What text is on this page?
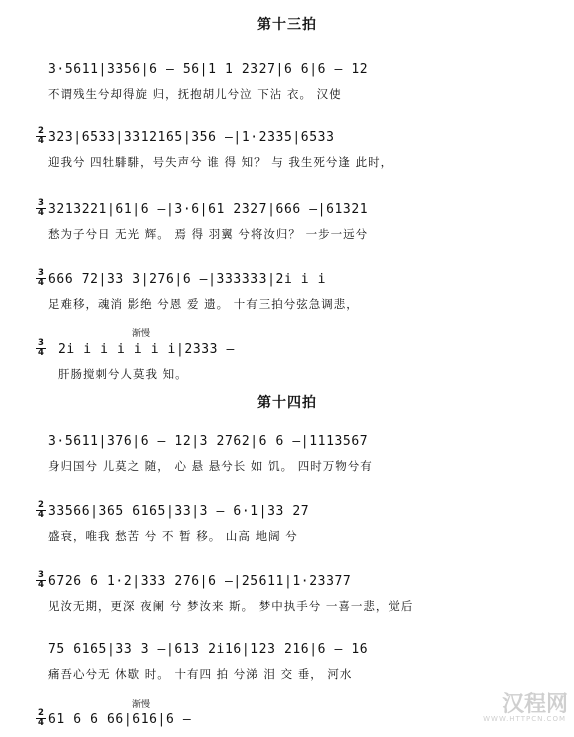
第十三拍
3·5611|3356|6 — 56|1 1 2327|6 6|6 — 12
不谓残生兮却得旋 归，抚抱胡儿兮泣 下沾 衣。 汉使
$\frac{2}{4} 323|6533|3312165|356$ —|1·2335|6533
迎我兮 四牡騑騑，号失声兮 谁 得 知？ 与 我生死兮逢 此时，
$\frac{3}{4} 3213221|61|6$ —|3·6|61 2327|666 —|61321
愁为子兮日 无光 辉。 焉 得 羽翼 兮将汝归？ 一步一远兮
$\frac{3}{4} 666$ 72|33 3|276|6 —|333333|2i i i
足难移，魂消 影绝 兮恩 爱 遗。 十有三拍兮弦急调悲，
渐慢
$\frac{3}{4} 2i$ i i i i i i|2333 —
肝肠搅刺兮人莫我 知。
第十四拍
3·5611|376|6 — 12|3 2762|6 6 —|1113567
身归国兮 儿莫之 随， 心 悬 悬兮长 如 饥。 四时万物兮有
$\frac{2}{4} 33566|365$ 6165|33|3 — 6·1|33 27
盛衰，唯我 愁苦 兮 不 暂 移。 山高 地阔 兮
$\frac{3}{4} 6726$ 6 1·2|333 276|6 —|25611|1·23377
见汝无期，更深 夜阑 兮 梦汝来 斯。 梦中执手兮 一喜一悲，觉后
75 6165|33 3 —|613 2i16|123 216|6 — 16
痛吾心兮无 休歇 时。 十有四 拍 兮涕 泪 交 垂， 河水
渐慢
$\frac{2}{4} 61$ 6 6 66|616|6 —
汉程网
WWW.HTTPCN.COM
